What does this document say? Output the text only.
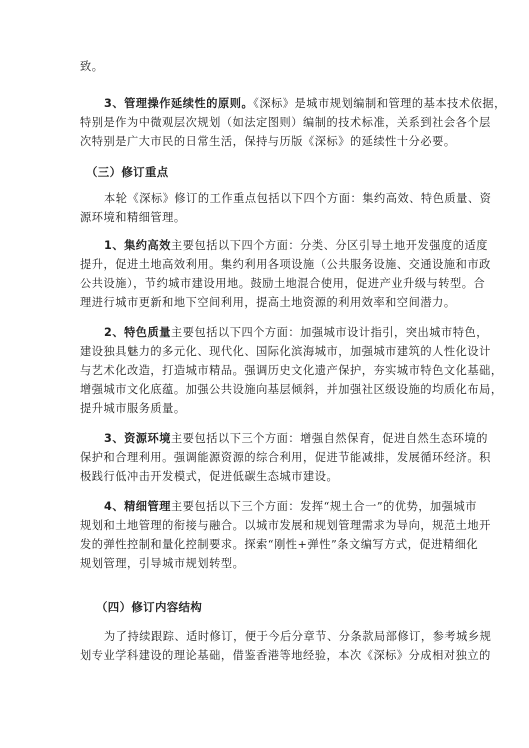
致。
3、管理操作延续性的原则。《深标》是城市规划编制和管理的基本技术依据，
特别是作为中微观层次规划（如法定图则）编制的技术标准，关系到社会各个层
次特别是广大市民的日常生活，保持与历版《深标》的延续性十分必要。
（三）修订重点
本轮《深标》修订的工作重点包括以下四个方面：集约高效、特色质量、资
源环境和精细管理。
1、集约高效主要包括以下四个方面：分类、分区引导土地开发强度的适度
提升，促进土地高效利用。集约利用各项设施（公共服务设施、交通设施和市政
公共设施），节约城市建设用地。鼓励土地混合使用，促进产业升级与转型。合
理进行城市更新和地下空间利用，提高土地资源的利用效率和空间潜力。
2、特色质量主要包括以下四个方面：加强城市设计指引，突出城市特色，
建设独具魅力的多元化、现代化、国际化滨海城市，加强城市建筑的人性化设计
与艺术化改造，打造城市精品。强调历史文化遗产保护，夯实城市特色文化基础，
增强城市文化底蕴。加强公共设施向基层倾斜，并加强社区级设施的均质化布局，
提升城市服务质量。
3、资源环境主要包括以下三个方面：增强自然保育，促进自然生态环境的
保护和合理利用。强调能源资源的综合利用，促进节能减排，发展循环经济。积
极践行低冲击开发模式，促进低碳生态城市建设。
4、精细管理主要包括以下三个方面：发挥“规土合一”的优势，加强城市
规划和土地管理的衔接与融合。以城市发展和规划管理需求为导向，规范土地开
发的弹性控制和量化控制要求。探索“刚性+弹性”条文编写方式，促进精细化
规划管理，引导城市规划转型。
（四）修订内容结构
为了持续跟踪、适时修订，便于今后分章节、分条款局部修订，参考城乡规
划专业学科建设的理论基础，借鉴香港等地经验，本次《深标》分成相对独立的
